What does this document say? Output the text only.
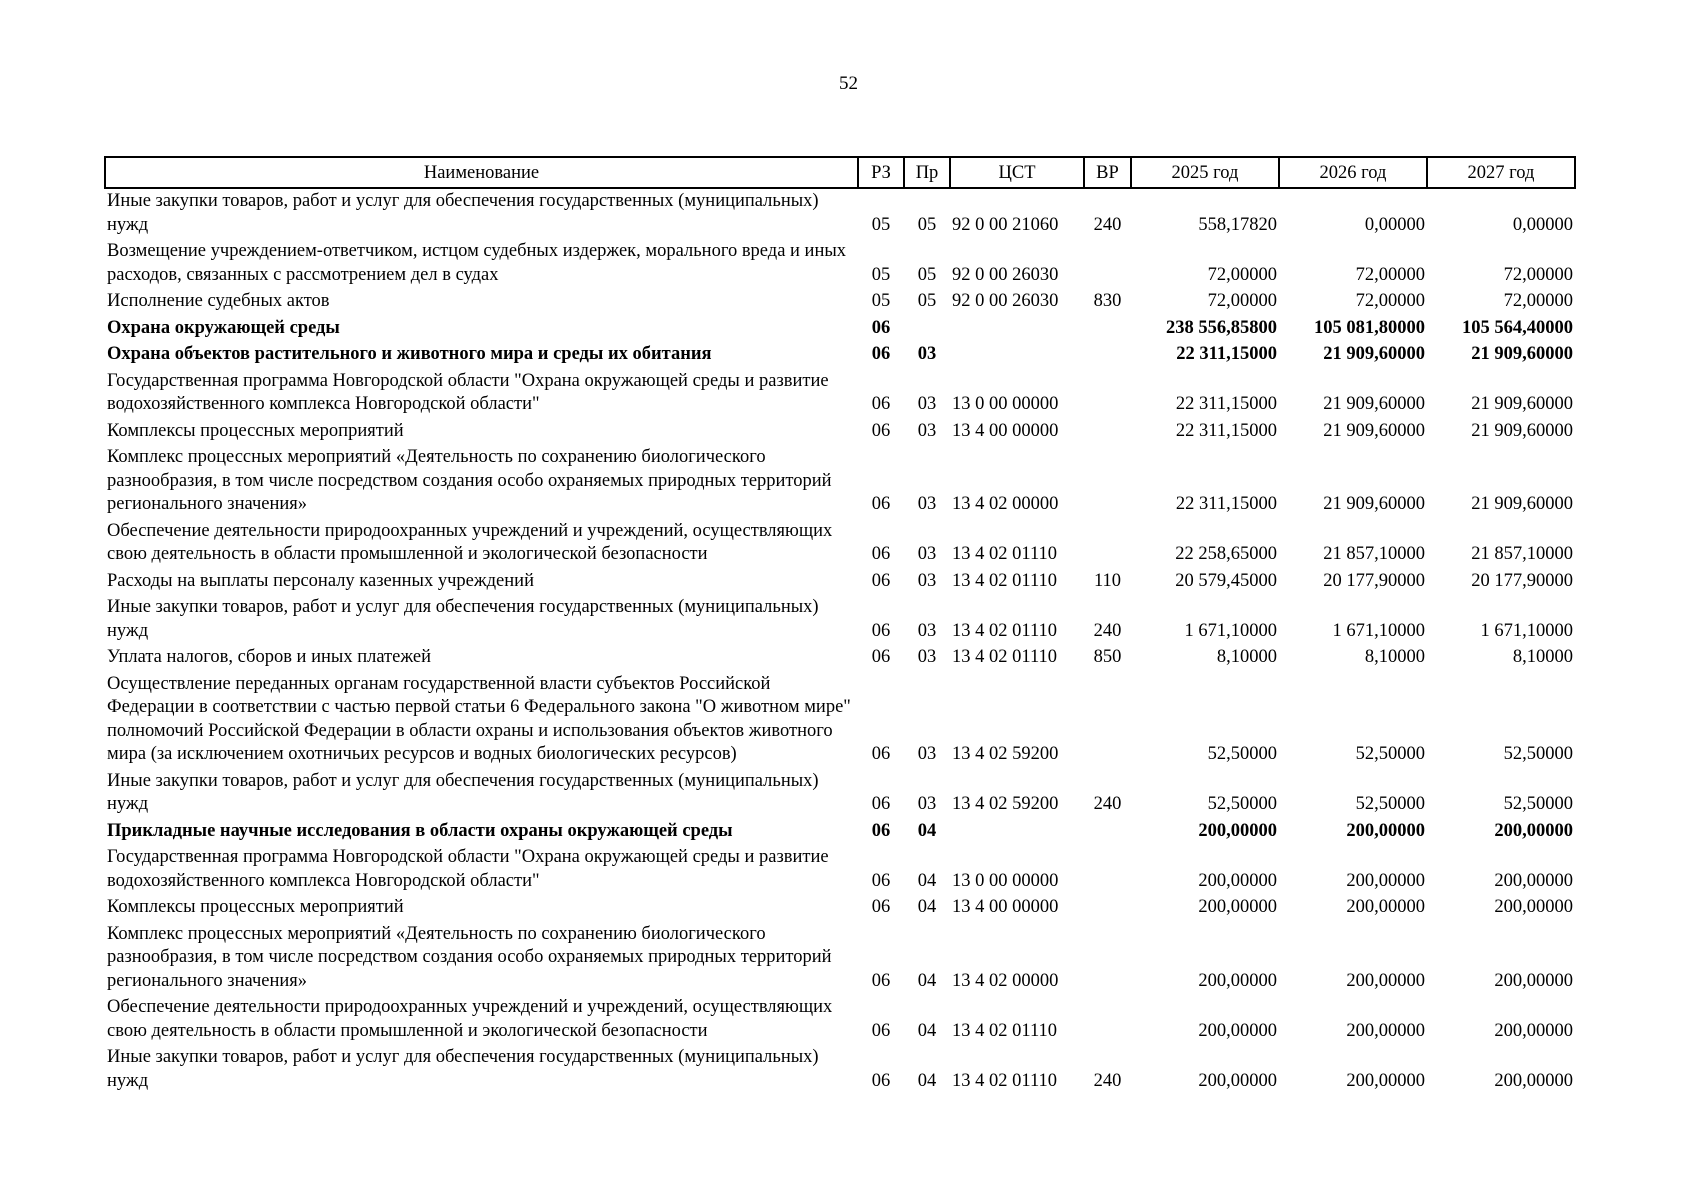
52
Наименование	РЗ	Пр	ЦСТ	ВР	2025 год	2026 год	2027 год
Иные закупки товаров, работ и услуг для обеспечения государственных (муниципальных) нужд	05	05	92 0 00 21060	240	558,17820	0,00000	0,00000
Возмещение учреждением-ответчиком, истцом судебных издержек, морального вреда и иных расходов, связанных с рассмотрением дел в судах	05	05	92 0 00 26030		72,00000	72,00000	72,00000
Исполнение судебных актов	05	05	92 0 00 26030	830	72,00000	72,00000	72,00000
Охрана окружающей среды	06				238 556,85800	105 081,80000	105 564,40000
Охрана объектов растительного и животного мира и среды их обитания	06	03			22 311,15000	21 909,60000	21 909,60000
Государственная программа Новгородской области "Охрана окружающей среды и развитие водохозяйственного комплекса Новгородской области"	06	03	13 0 00 00000		22 311,15000	21 909,60000	21 909,60000
Комплексы процессных мероприятий	06	03	13 4 00 00000		22 311,15000	21 909,60000	21 909,60000
Комплекс процессных мероприятий «Деятельность по сохранению биологического разнообразия, в том числе посредством создания особо охраняемых природных территорий регионального значения»	06	03	13 4 02 00000		22 311,15000	21 909,60000	21 909,60000
Обеспечение деятельности природоохранных учреждений и учреждений, осуществляющих свою деятельность в области промышленной и экологической безопасности	06	03	13 4 02 01110		22 258,65000	21 857,10000	21 857,10000
Расходы на выплаты персоналу казенных учреждений	06	03	13 4 02 01110	110	20 579,45000	20 177,90000	20 177,90000
Иные закупки товаров, работ и услуг для обеспечения государственных (муниципальных) нужд	06	03	13 4 02 01110	240	1 671,10000	1 671,10000	1 671,10000
Уплата налогов, сборов и иных платежей	06	03	13 4 02 01110	850	8,10000	8,10000	8,10000
Осуществление переданных органам государственной власти субъектов Российской Федерации в соответствии с частью первой статьи 6 Федерального закона "О животном мире" полномочий Российской Федерации в области охраны и использования объектов животного мира (за исключением охотничьих ресурсов и водных биологических ресурсов)	06	03	13 4 02 59200		52,50000	52,50000	52,50000
Иные закупки товаров, работ и услуг для обеспечения государственных (муниципальных) нужд	06	03	13 4 02 59200	240	52,50000	52,50000	52,50000
Прикладные научные исследования в области охраны окружающей среды	06	04			200,00000	200,00000	200,00000
Государственная программа Новгородской области "Охрана окружающей среды и развитие водохозяйственного комплекса Новгородской области"	06	04	13 0 00 00000		200,00000	200,00000	200,00000
Комплексы процессных мероприятий	06	04	13 4 00 00000		200,00000	200,00000	200,00000
Комплекс процессных мероприятий «Деятельность по сохранению биологического разнообразия, в том числе посредством создания особо охраняемых природных территорий регионального значения»	06	04	13 4 02 00000		200,00000	200,00000	200,00000
Обеспечение деятельности природоохранных учреждений и учреждений, осуществляющих свою деятельность в области промышленной и экологической безопасности	06	04	13 4 02 01110		200,00000	200,00000	200,00000
Иные закупки товаров, работ и услуг для обеспечения государственных (муниципальных) нужд	06	04	13 4 02 01110	240	200,00000	200,00000	200,00000
